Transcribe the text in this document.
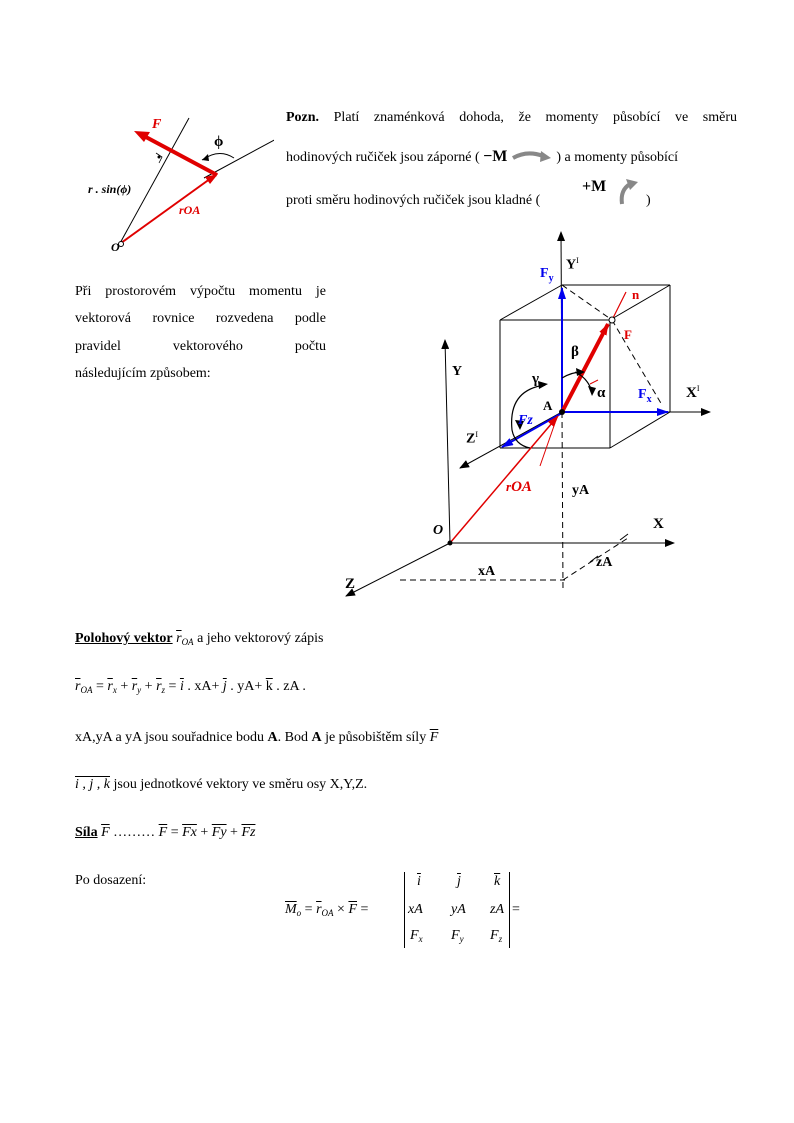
F
ϕ
r . sin(ϕ)
rOA
O
Pozn. Platí znaménková dohoda, že momenty působící ve směru
hodinových ručiček jsou záporné ( −M	) a momenty působící
proti směru hodinových ručiček jsou kladné (
+M
)
Při prostorovém výpočtu momentu je
vektorová rovnice rozvedena podle
pravidel vektorového počtu
následujícím způsobem:
$Y^I$
$F_y$
n
F
β
γ
α
A
$F_x$ $X^I$
Fz
$Z^I$
Y
rOA	yA
X
O
xA
zA
Z
Polohový vektor $\overline{r}_{OA}$ a jeho vektorový zápis
$\overline{r}_{OA} = \overline{r}_x + \overline{r}_y + \overline{r}_z = \overline{i}$ . $xA+ \overline{j}$ . $yA+ \overline{k}$ . zA .
xA,yA a yA jsou souřadnice bodu A. Bod A je působištěm síly $\overline{F}$
i , j , k jsou jednotkové vektory ve směru osy X,Y,Z.
Síla $\overline{F}$ ……… $\overline{F} = \overline{Fx} + \overline{Fy} + \overline{Fz}$
Po dosazení:
$\overline{M}_o = \overline{r}_{OA} \times \overline{F}$ =
$\overline{i}$	$\overline{j}$ $\overline{k}$
xA yA zA
$F_x$ $F_y$ $F_z$
=
